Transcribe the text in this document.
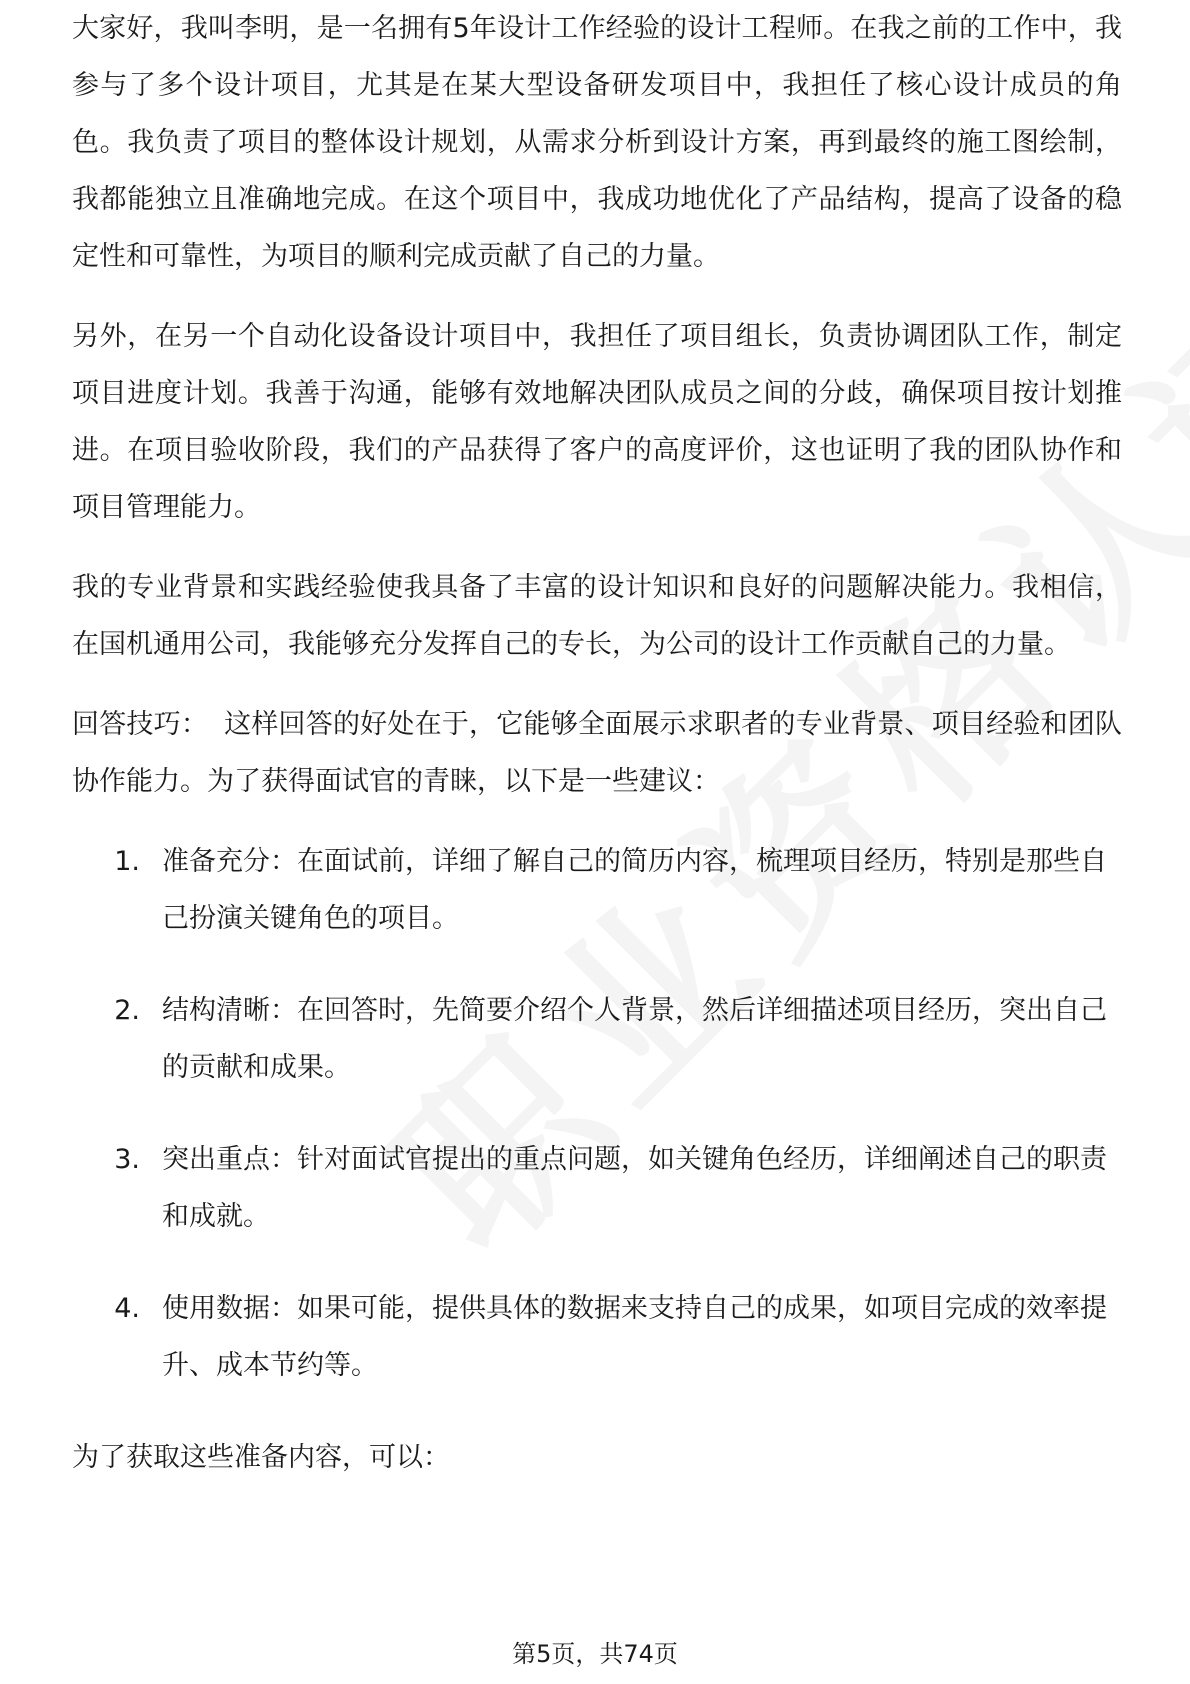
大家好，我叫李明，是一名拥有5年设计工作经验的设计工程师。在我之前的工作中，我参与了多个设计项目，尤其是在某大型设备研发项目中，我担任了核心设计成员的角色。我负责了项目的整体设计规划，从需求分析到设计方案，再到最终的施工图绘制，我都能独立且准确地完成。在这个项目中，我成功地优化了产品结构，提高了设备的稳定性和可靠性，为项目的顺利完成贡献了自己的力量。

另外，在另一个自动化设备设计项目中，我担任了项目组长，负责协调团队工作，制定项目进度计划。我善于沟通，能够有效地解决团队成员之间的分歧，确保项目按计划推进。在项目验收阶段，我们的产品获得了客户的高度评价，这也证明了我的团队协作和项目管理能力。

我的专业背景和实践经验使我具备了丰富的设计知识和良好的问题解决能力。我相信，在国机通用公司，我能够充分发挥自己的专长，为公司的设计工作贡献自己的力量。

回答技巧： 这样回答的好处在于，它能够全面展示求职者的专业背景、项目经验和团队协作能力。为了获得面试官的青睐，以下是一些建议：

1. 准备充分：在面试前，详细了解自己的简历内容，梳理项目经历，特别是那些自己扮演关键角色的项目。
2. 结构清晰：在回答时，先简要介绍个人背景，然后详细描述项目经历，突出自己的贡献和成果。
3. 突出重点：针对面试官提出的重点问题，如关键角色经历，详细阐述自己的职责和成就。
4. 使用数据：如果可能，提供具体的数据来支持自己的成果，如项目完成的效率提升、成本节约等。

为了获取这些准备内容，可以：

第5页，共74页
